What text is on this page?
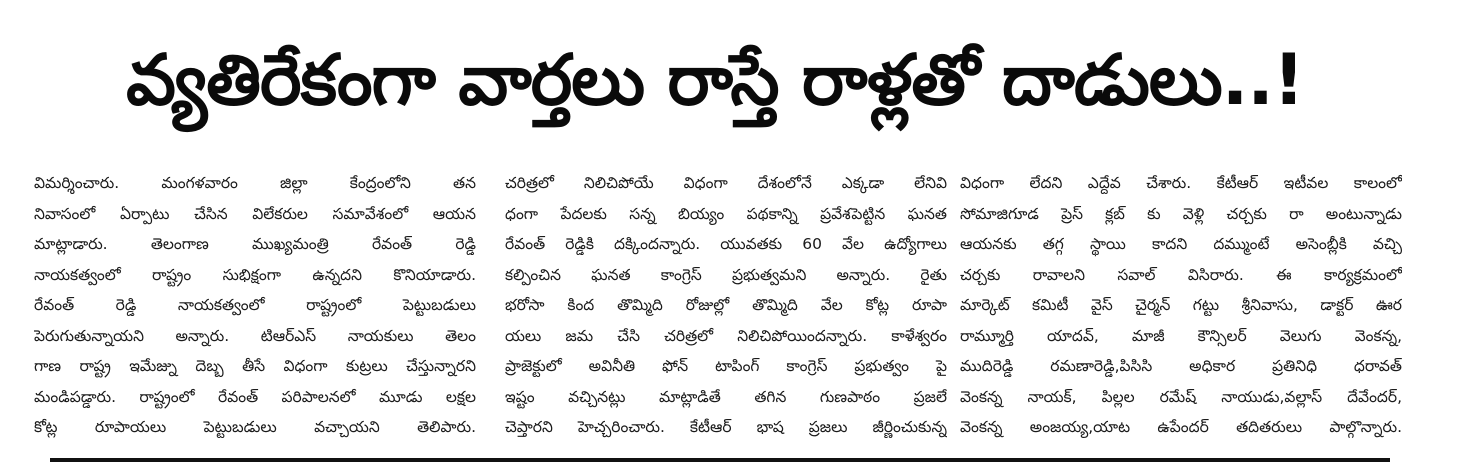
వ్యతిరేకంగా వార్తలు రాస్తే రాళ్లతో దాడులు..!
విమర్శించారు. మంగళవారం జిల్లా కేంద్రంలోని తన
నివాసంలో ఏర్పాటు చేసిన విలేకరుల సమావేశంలో ఆయన
మాట్లాడారు. తెలంగాణ ముఖ్యమంత్రి రేవంత్ రెడ్డి
నాయకత్వంలో రాష్ట్రం సుభిక్షంగా ఉన్నదని కొనియాడారు.
రేవంత్ రెడ్డి నాయకత్వంలో రాష్ట్రంలో పెట్టుబడులు
పెరుగుతున్నాయని అన్నారు. టిఆర్ఎస్ నాయకులు తెలం
గాణ రాష్ట్ర ఇమేజ్ను దెబ్బ తీసే విధంగా కుట్రలు చేస్తున్నారని
మండిపడ్డారు. రాష్ట్రంలో రేవంత్ పరిపాలనలో మూడు లక్షల
కోట్ల రూపాయలు పెట్టుబడులు వచ్చాయని తెలిపారు.
చరిత్రలో నిలిచిపోయే విధంగా దేశంలోనే ఎక్కడా లేనివి
ధంగా పేదలకు సన్న బియ్యం పథకాన్ని ప్రవేశపెట్టిన ఘనత
రేవంత్ రెడ్డికి దక్కిందన్నారు. యువతకు 60 వేల ఉద్యోగాలు
కల్పించిన ఘనత కాంగ్రెస్ ప్రభుత్వమని అన్నారు. రైతు
భరోసా కింద తొమ్మిది రోజుల్లో తొమ్మిది వేల కోట్ల రూపా
యలు జమ చేసి చరిత్రలో నిలిచిపోయిందన్నారు. కాళేశ్వరం
ప్రాజెక్టులో అవినీతి ఫోన్ టాపింగ్ కాంగ్రెస్ ప్రభుత్వం పై
ఇష్టం వచ్చినట్లు మాట్లాడితే తగిన గుణపాఠం ప్రజలే
చెప్తారని హెచ్చరించారు. కేటీఆర్ భాష ప్రజలు జీర్ణించుకున్న
విధంగా లేదని ఎద్దేవ చేశారు. కేటీఆర్ ఇటీవల కాలంలో
సోమాజిగూడ ప్రెస్ క్లబ్ కు వెళ్లి చర్చకు రా అంటున్నాడు
ఆయనకు తగ్గ స్థాయి కాదని దమ్ముంటే అసెంబ్లీకి వచ్చి
చర్చకు రావాలని సవాల్ విసిరారు. ఈ కార్యక్రమంలో
మార్కెట్ కమిటీ వైస్ చైర్మన్ గట్టు శ్రీనివాసు, డాక్టర్ ఊర
రామ్మూర్తి యాదవ్, మాజీ కౌన్సిలర్ వెలుగు వెంకన్న,
ముదిరెడ్డి రమణారెడ్డి,పిసిసి అధికార ప్రతినిధి ధరావత్
వెంకన్న నాయక్, పిల్లల రమేష్ నాయుడు,వల్లాస్ దేవేందర్,
వెంకన్న అంజయ్య,యాట ఉపేందర్ తదితరులు పాల్గొన్నారు.
